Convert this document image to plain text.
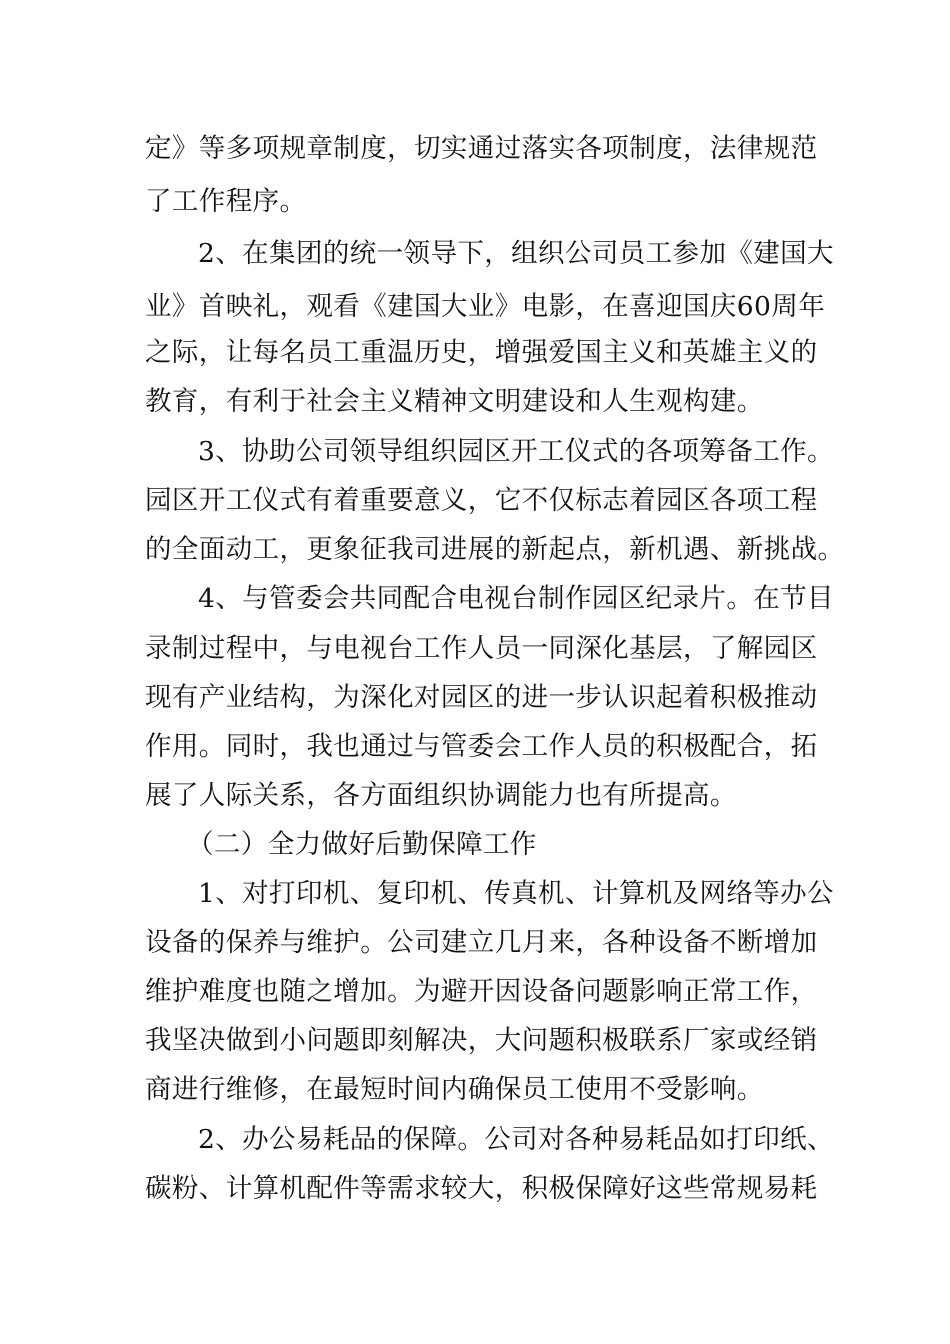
定》等多项规章制度，切实通过落实各项制度，法律规范
了工作程序。
2、在集团的统一领导下，组织公司员工参加《建国大
业》首映礼，观看《建国大业》电影，在喜迎国庆60周年
之际，让每名员工重温历史，增强爱国主义和英雄主义的
教育，有利于社会主义精神文明建设和人生观构建。
3、协助公司领导组织园区开工仪式的各项筹备工作。
园区开工仪式有着重要意义，它不仅标志着园区各项工程
的全面动工，更象征我司进展的新起点，新机遇、新挑战。
4、与管委会共同配合电视台制作园区纪录片。在节目
录制过程中，与电视台工作人员一同深化基层，了解园区
现有产业结构，为深化对园区的进一步认识起着积极推动
作用。同时，我也通过与管委会工作人员的积极配合，拓
展了人际关系，各方面组织协调能力也有所提高。
（二）全力做好后勤保障工作
1、对打印机、复印机、传真机、计算机及网络等办公
设备的保养与维护。公司建立几月来，各种设备不断增加
维护难度也随之增加。为避开因设备问题影响正常工作，
我坚决做到小问题即刻解决，大问题积极联系厂家或经销
商进行维修，在最短时间内确保员工使用不受影响。
2、办公易耗品的保障。公司对各种易耗品如打印纸、
碳粉、计算机配件等需求较大，积极保障好这些常规易耗
